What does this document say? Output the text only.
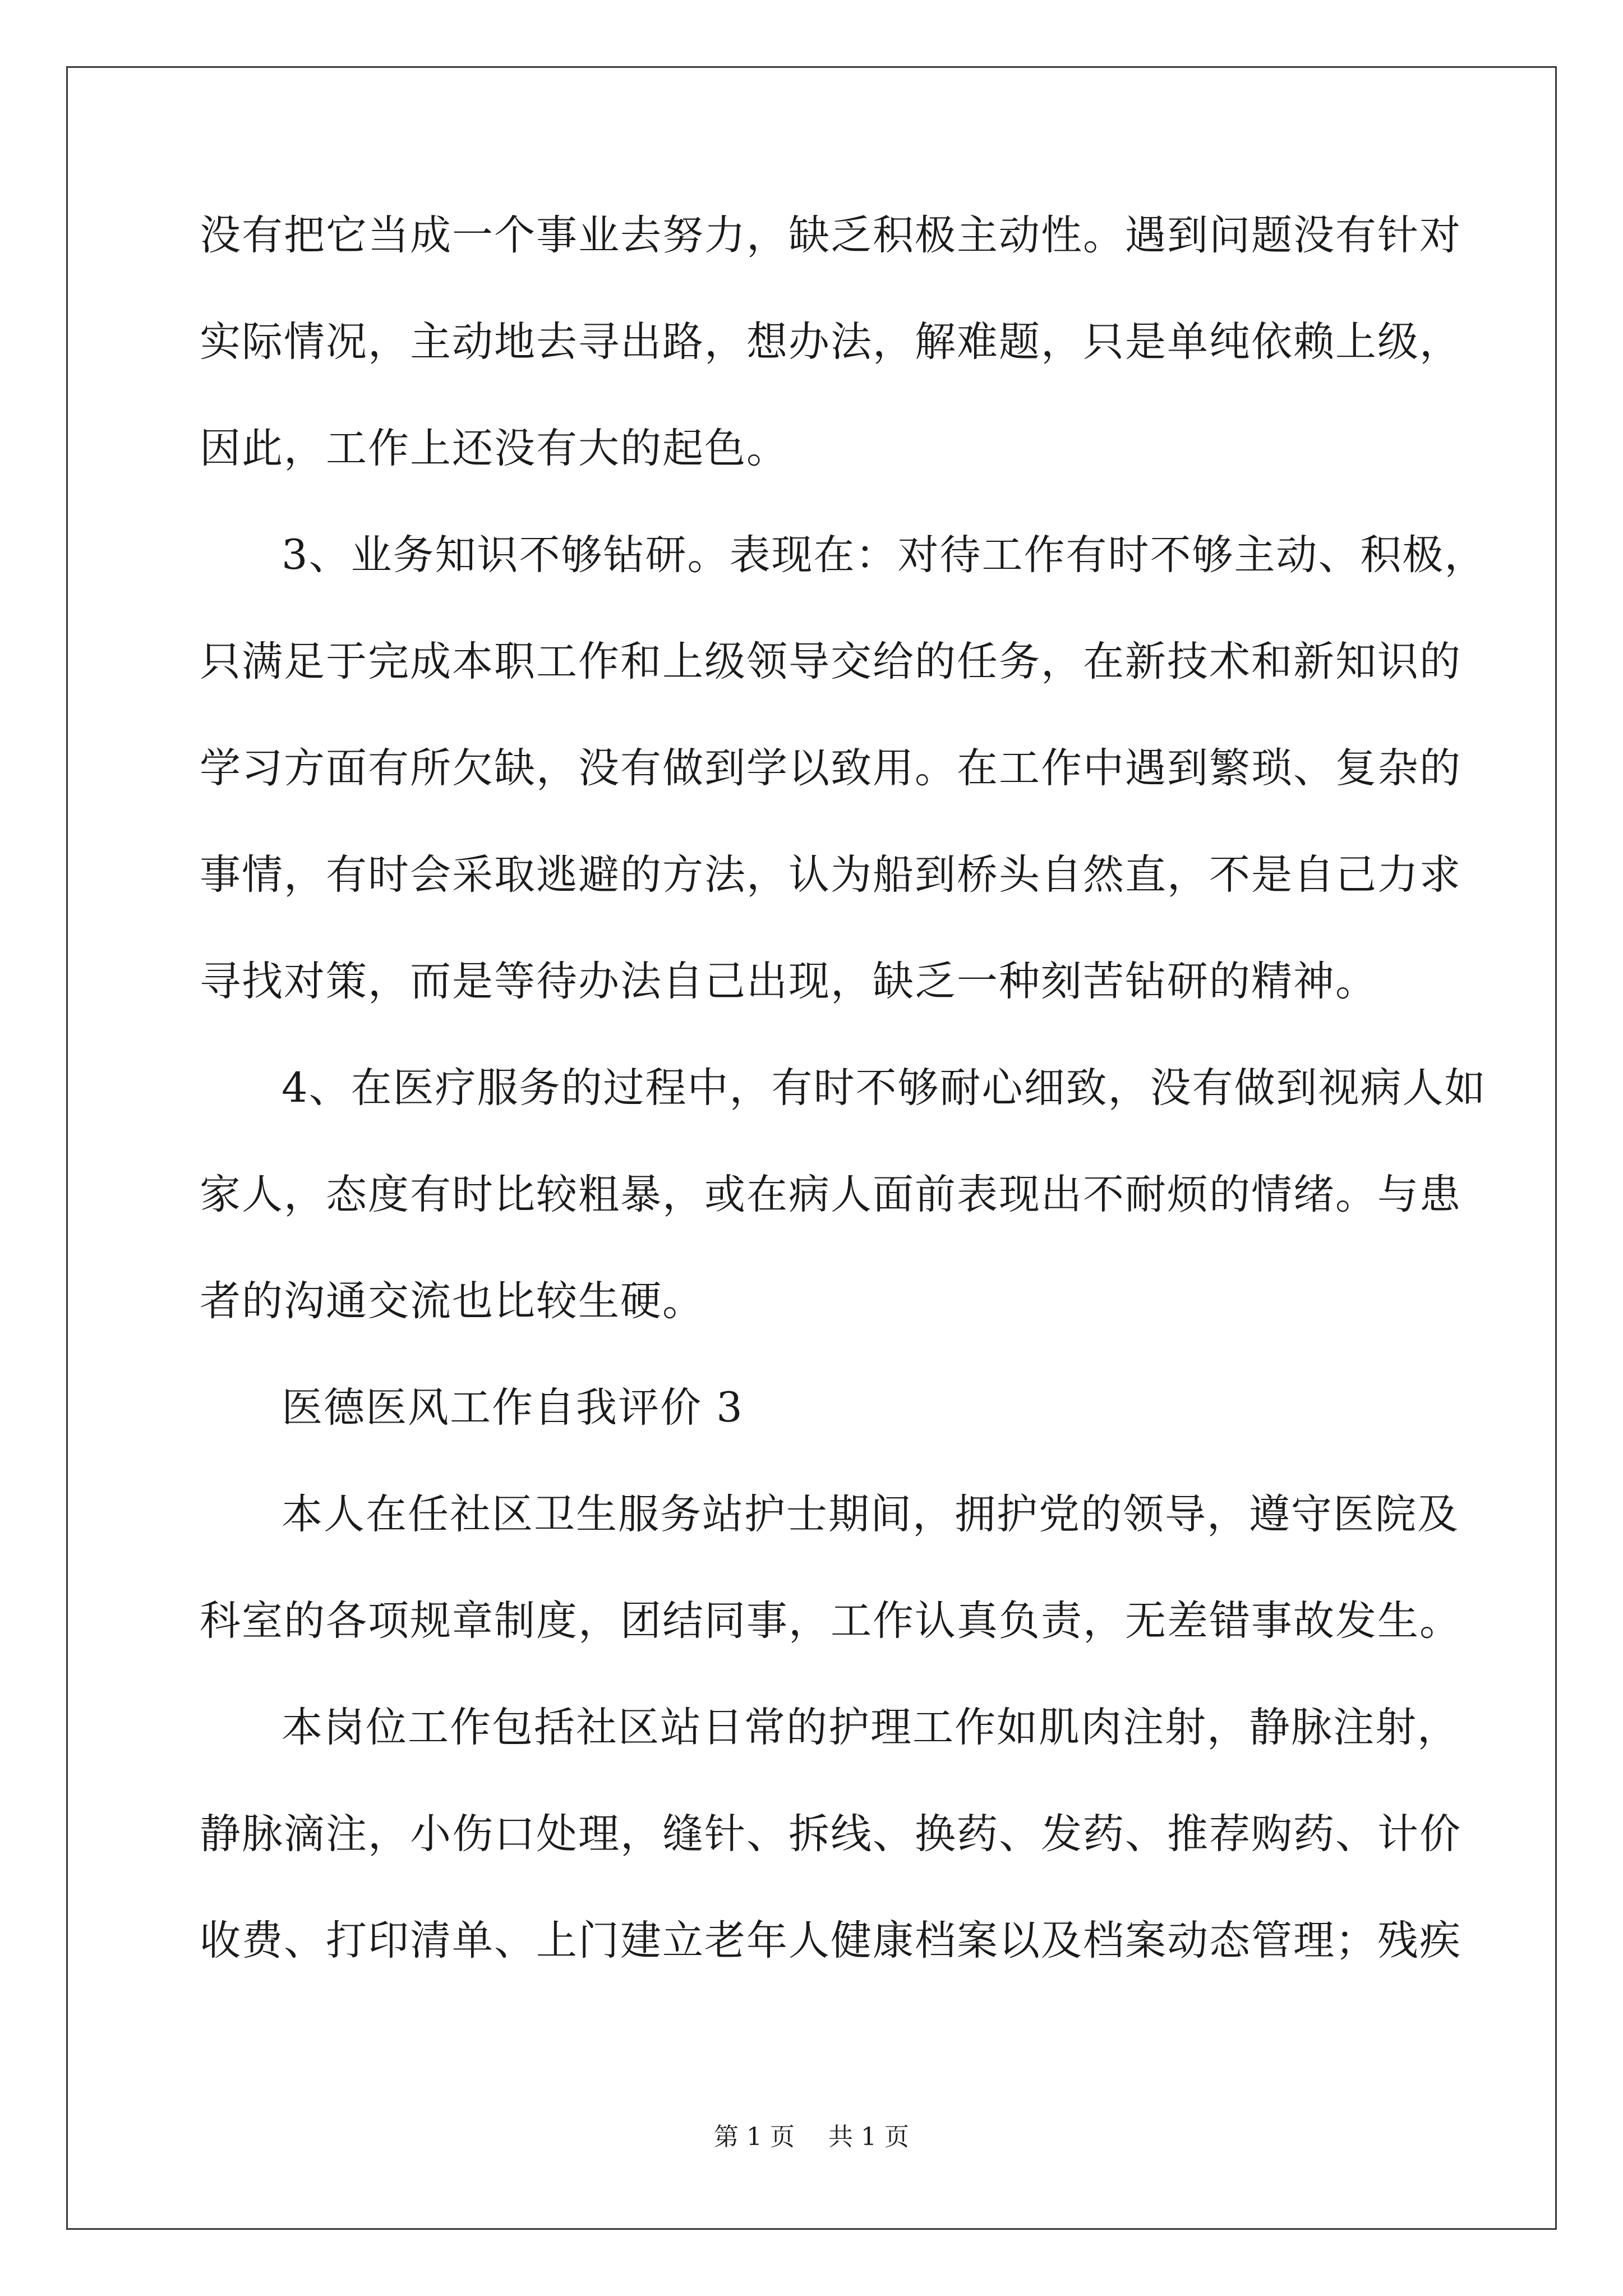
没有把它当成一个事业去努力，缺乏积极主动性。遇到问题没有针对
实际情况，主动地去寻出路，想办法，解难题，只是单纯依赖上级，
因此，工作上还没有大的起色。
3、业务知识不够钻研。表现在：对待工作有时不够主动、积极，
只满足于完成本职工作和上级领导交给的任务，在新技术和新知识的
学习方面有所欠缺，没有做到学以致用。在工作中遇到繁琐、复杂的
事情，有时会采取逃避的方法，认为船到桥头自然直，不是自己力求
寻找对策，而是等待办法自己出现，缺乏一种刻苦钻研的精神。
4、在医疗服务的过程中，有时不够耐心细致，没有做到视病人如
家人，态度有时比较粗暴，或在病人面前表现出不耐烦的情绪。与患
者的沟通交流也比较生硬。
医德医风工作自我评价 3
本人在任社区卫生服务站护士期间，拥护党的领导，遵守医院及
科室的各项规章制度，团结同事，工作认真负责，无差错事故发生。
本岗位工作包括社区站日常的护理工作如肌肉注射，静脉注射，
静脉滴注，小伤口处理，缝针、拆线、换药、发药、推荐购药、计价
收费、打印清单、上门建立老年人健康档案以及档案动态管理；残疾
第 1 页 共 1 页
